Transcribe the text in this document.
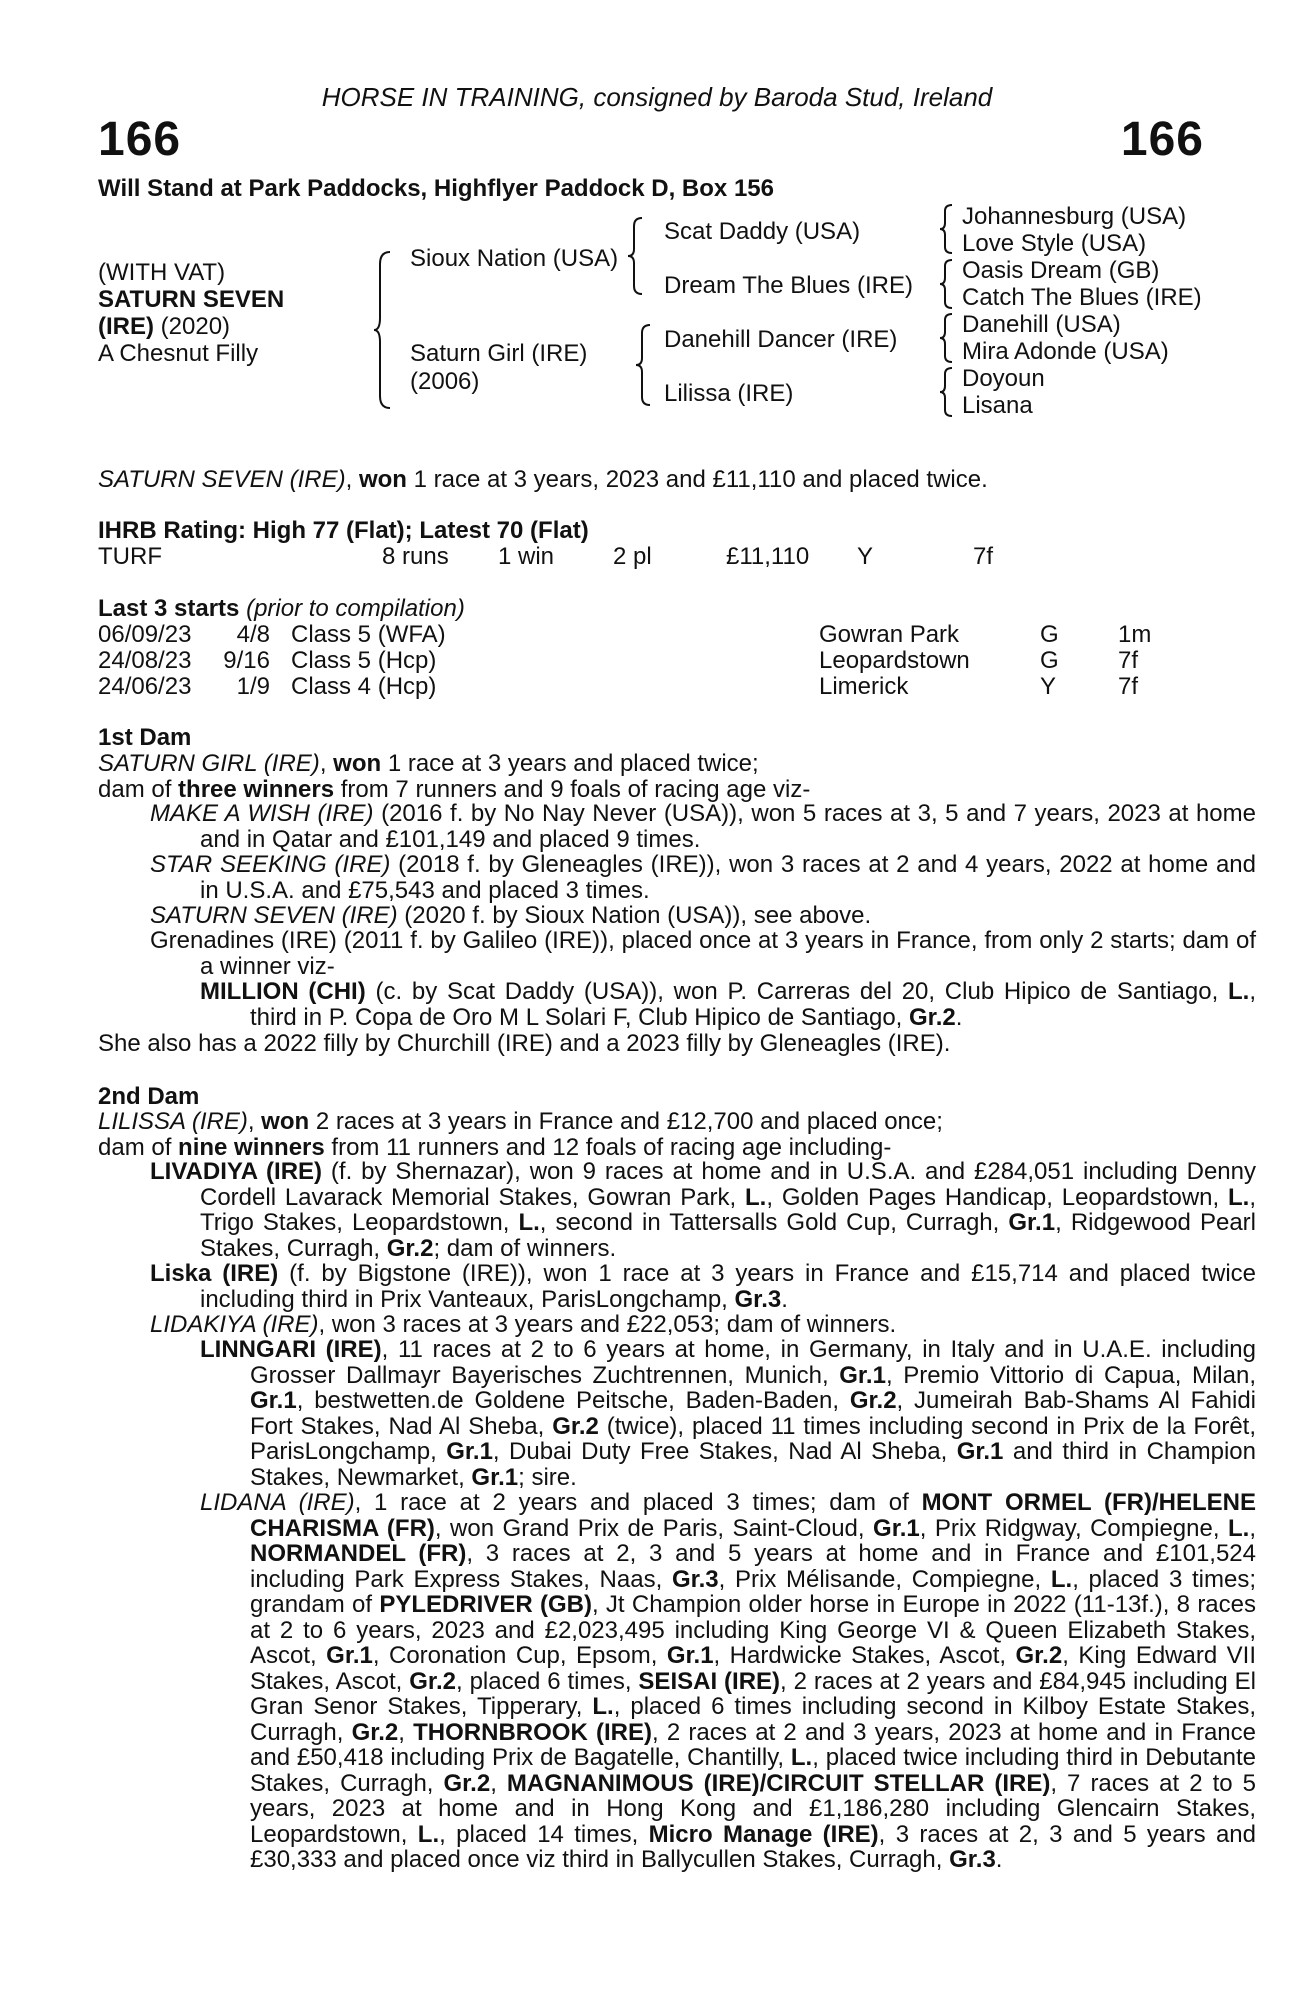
HORSE IN TRAINING, consigned by Baroda Stud, Ireland
166	166
Will Stand at Park Paddocks, Highflyer Paddock D, Box 156
(WITH VAT)
SATURN SEVEN
(IRE) (2020)
A Chesnut Filly
Sioux Nation (USA)
Saturn Girl (IRE)
(2006)
Scat Daddy (USA)
Dream The Blues (IRE)
Danehill Dancer (IRE)
Lilissa (IRE)
Johannesburg (USA)
Love Style (USA)
Oasis Dream (GB)
Catch The Blues (IRE)
Danehill (USA)
Mira Adonde (USA)
Doyoun
Lisana
SATURN SEVEN (IRE), won 1 race at 3 years, 2023 and £11,110 and placed twice.
IHRB Rating: High 77 (Flat); Latest 70 (Flat)
TURF	8 runs 1 win 2 pl	£11,110 Y	7f
Last 3 starts (prior to compilation)
06/09/23	4/8 Class 5 (WFA)	Gowran Park	G 1m
24/08/23	9/16 Class 5 (Hcp)	Leopardstown	G 7f
24/06/23	1/9 Class 4 (Hcp)	Limerick	Y	7f
1st Dam
SATURN GIRL (IRE), won 1 race at 3 years and placed twice;
dam of three winners from 7 runners and 9 foals of racing age viz-
MAKE A WISH (IRE) (2016 f. by No Nay Never (USA)), won 5 races at 3, 5 and 7 years, 2023 at home and in Qatar and £101,149 and placed 9 times.
STAR SEEKING (IRE) (2018 f. by Gleneagles (IRE)), won 3 races at 2 and 4 years, 2022 at home and in U.S.A. and £75,543 and placed 3 times.
SATURN SEVEN (IRE) (2020 f. by Sioux Nation (USA)), see above.
Grenadines (IRE) (2011 f. by Galileo (IRE)), placed once at 3 years in France, from only 2 starts; dam of a winner viz-
MILLION (CHI) (c. by Scat Daddy (USA)), won P. Carreras del 20, Club Hipico de Santiago, L., third in P. Copa de Oro M L Solari F, Club Hipico de Santiago, Gr.2.
She also has a 2022 filly by Churchill (IRE) and a 2023 filly by Gleneagles (IRE).
2nd Dam
LILISSA (IRE), won 2 races at 3 years in France and £12,700 and placed once;
dam of nine winners from 11 runners and 12 foals of racing age including-
LIVADIYA (IRE) (f. by Shernazar), won 9 races at home and in U.S.A. and £284,051 including Denny Cordell Lavarack Memorial Stakes, Gowran Park, L., Golden Pages Handicap, Leopardstown, L., Trigo Stakes, Leopardstown, L., second in Tattersalls Gold Cup, Curragh, Gr.1, Ridgewood Pearl Stakes, Curragh, Gr.2; dam of winners.
Liska (IRE) (f. by Bigstone (IRE)), won 1 race at 3 years in France and £15,714 and placed twice including third in Prix Vanteaux, ParisLongchamp, Gr.3.
LIDAKIYA (IRE), won 3 races at 3 years and £22,053; dam of winners.
LINNGARI (IRE), 11 races at 2 to 6 years at home, in Germany, in Italy and in U.A.E. including Grosser Dallmayr Bayerisches Zuchtrennen, Munich, Gr.1, Premio Vittorio di Capua, Milan, Gr.1, bestwetten.de Goldene Peitsche, Baden-Baden, Gr.2, Jumeirah Bab-Shams Al Fahidi Fort Stakes, Nad Al Sheba, Gr.2 (twice), placed 11 times including second in Prix de la Forêt, ParisLongchamp, Gr.1, Dubai Duty Free Stakes, Nad Al Sheba, Gr.1 and third in Champion Stakes, Newmarket, Gr.1; sire.
LIDANA (IRE), 1 race at 2 years and placed 3 times; dam of MONT ORMEL (FR)/HELENE CHARISMA (FR), won Grand Prix de Paris, Saint-Cloud, Gr.1, Prix Ridgway, Compiegne, L., NORMANDEL (FR), 3 races at 2, 3 and 5 years at home and in France and £101,524 including Park Express Stakes, Naas, Gr.3, Prix Mélisande, Compiegne, L., placed 3 times; grandam of PYLEDRIVER (GB), Jt Champion older horse in Europe in 2022 (11-13f.), 8 races at 2 to 6 years, 2023 and £2,023,495 including King George VI & Queen Elizabeth Stakes, Ascot, Gr.1, Coronation Cup, Epsom, Gr.1, Hardwicke Stakes, Ascot, Gr.2, King Edward VII Stakes, Ascot, Gr.2, placed 6 times, SEISAI (IRE), 2 races at 2 years and £84,945 including El Gran Senor Stakes, Tipperary, L., placed 6 times including second in Kilboy Estate Stakes, Curragh, Gr.2, THORNBROOK (IRE), 2 races at 2 and 3 years, 2023 at home and in France and £50,418 including Prix de Bagatelle, Chantilly, L., placed twice including third in Debutante Stakes, Curragh, Gr.2, MAGNANIMOUS (IRE)/CIRCUIT STELLAR (IRE), 7 races at 2 to 5 years, 2023 at home and in Hong Kong and £1,186,280 including Glencairn Stakes, Leopardstown, L., placed 14 times, Micro Manage (IRE), 3 races at 2, 3 and 5 years and £30,333 and placed once viz third in Ballycullen Stakes, Curragh, Gr.3.
